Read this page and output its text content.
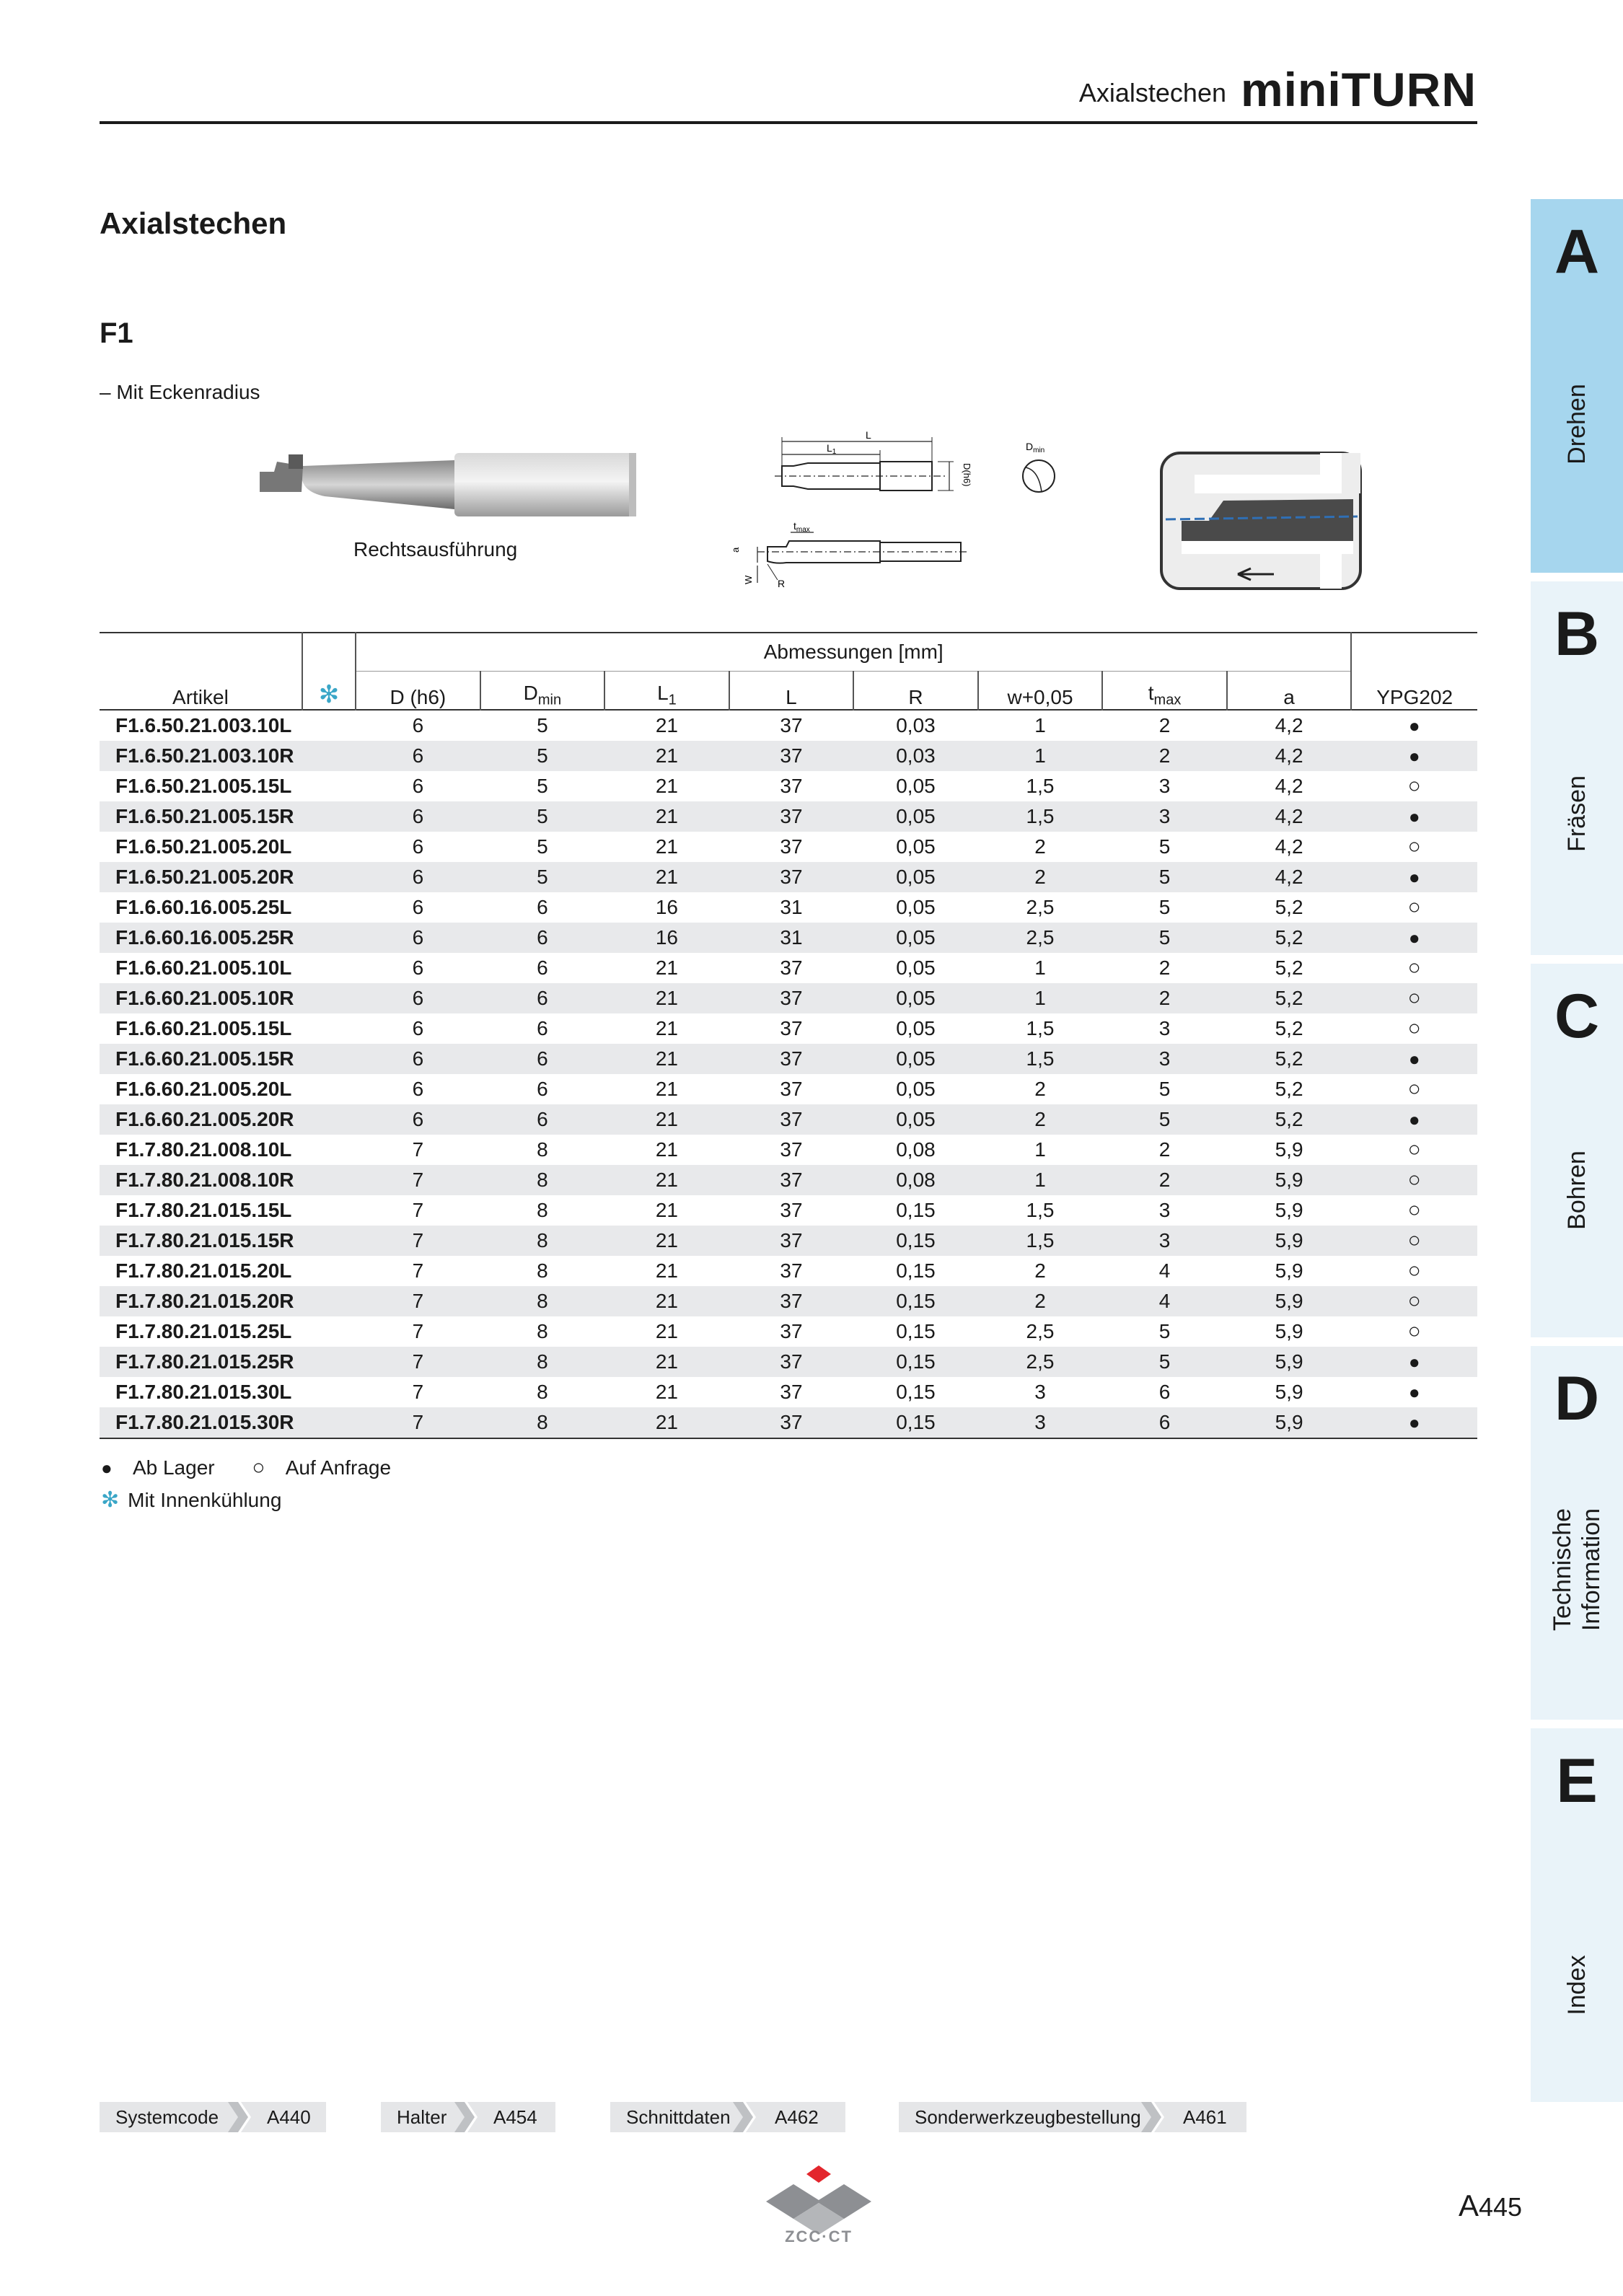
Axialstechen miniTURN
Axialstechen
F1
– Mit Eckenradius
Rechtsausführung
L
$L_1$
D(h6)
$D_{min}$
$t_{max}$
a
W R
Artikel	✻	Abmessungen [mm]								YPG202
		D (h6)	$D_{min}$	$L_1$	L	R	w+0,05	$t_{max}$	a	
F1.6.50.21.003.10L		6	5	21	37	0,03	1	2	4,2	●
F1.6.50.21.003.10R		6	5	21	37	0,03	1	2	4,2	●
F1.6.50.21.005.15L		6	5	21	37	0,05	1,5	3	4,2	○
F1.6.50.21.005.15R		6	5	21	37	0,05	1,5	3	4,2	●
F1.6.50.21.005.20L		6	5	21	37	0,05	2	5	4,2	○
F1.6.50.21.005.20R		6	5	21	37	0,05	2	5	4,2	●
F1.6.60.16.005.25L		6	6	16	31	0,05	2,5	5	5,2	○
F1.6.60.16.005.25R		6	6	16	31	0,05	2,5	5	5,2	●
F1.6.60.21.005.10L		6	6	21	37	0,05	1	2	5,2	○
F1.6.60.21.005.10R		6	6	21	37	0,05	1	2	5,2	○
F1.6.60.21.005.15L		6	6	21	37	0,05	1,5	3	5,2	○
F1.6.60.21.005.15R		6	6	21	37	0,05	1,5	3	5,2	●
F1.6.60.21.005.20L		6	6	21	37	0,05	2	5	5,2	○
F1.6.60.21.005.20R		6	6	21	37	0,05	2	5	5,2	●
F1.7.80.21.008.10L		7	8	21	37	0,08	1	2	5,9	○
F1.7.80.21.008.10R		7	8	21	37	0,08	1	2	5,9	○
F1.7.80.21.015.15L		7	8	21	37	0,15	1,5	3	5,9	○
F1.7.80.21.015.15R		7	8	21	37	0,15	1,5	3	5,9	○
F1.7.80.21.015.20L		7	8	21	37	0,15	2	4	5,9	○
F1.7.80.21.015.20R		7	8	21	37	0,15	2	4	5,9	○
F1.7.80.21.015.25L		7	8	21	37	0,15	2,5	5	5,9	○
F1.7.80.21.015.25R		7	8	21	37	0,15	2,5	5	5,9	●
F1.7.80.21.015.30L		7	8	21	37	0,15	3	6	5,9	●
F1.7.80.21.015.30R		7	8	21	37	0,15	3	6	5,9	●
● Ab Lager ○ Auf Anfrage
✻ Mit Innenkühlung
A
Drehen
B
Fräsen
C
Bohren
D
Technische Information
E
Index
Systemcode	A440	Halter A454	Schnittdaten A462	Sonderwerkzeugbestellung A461
ZCC·CT
A445
